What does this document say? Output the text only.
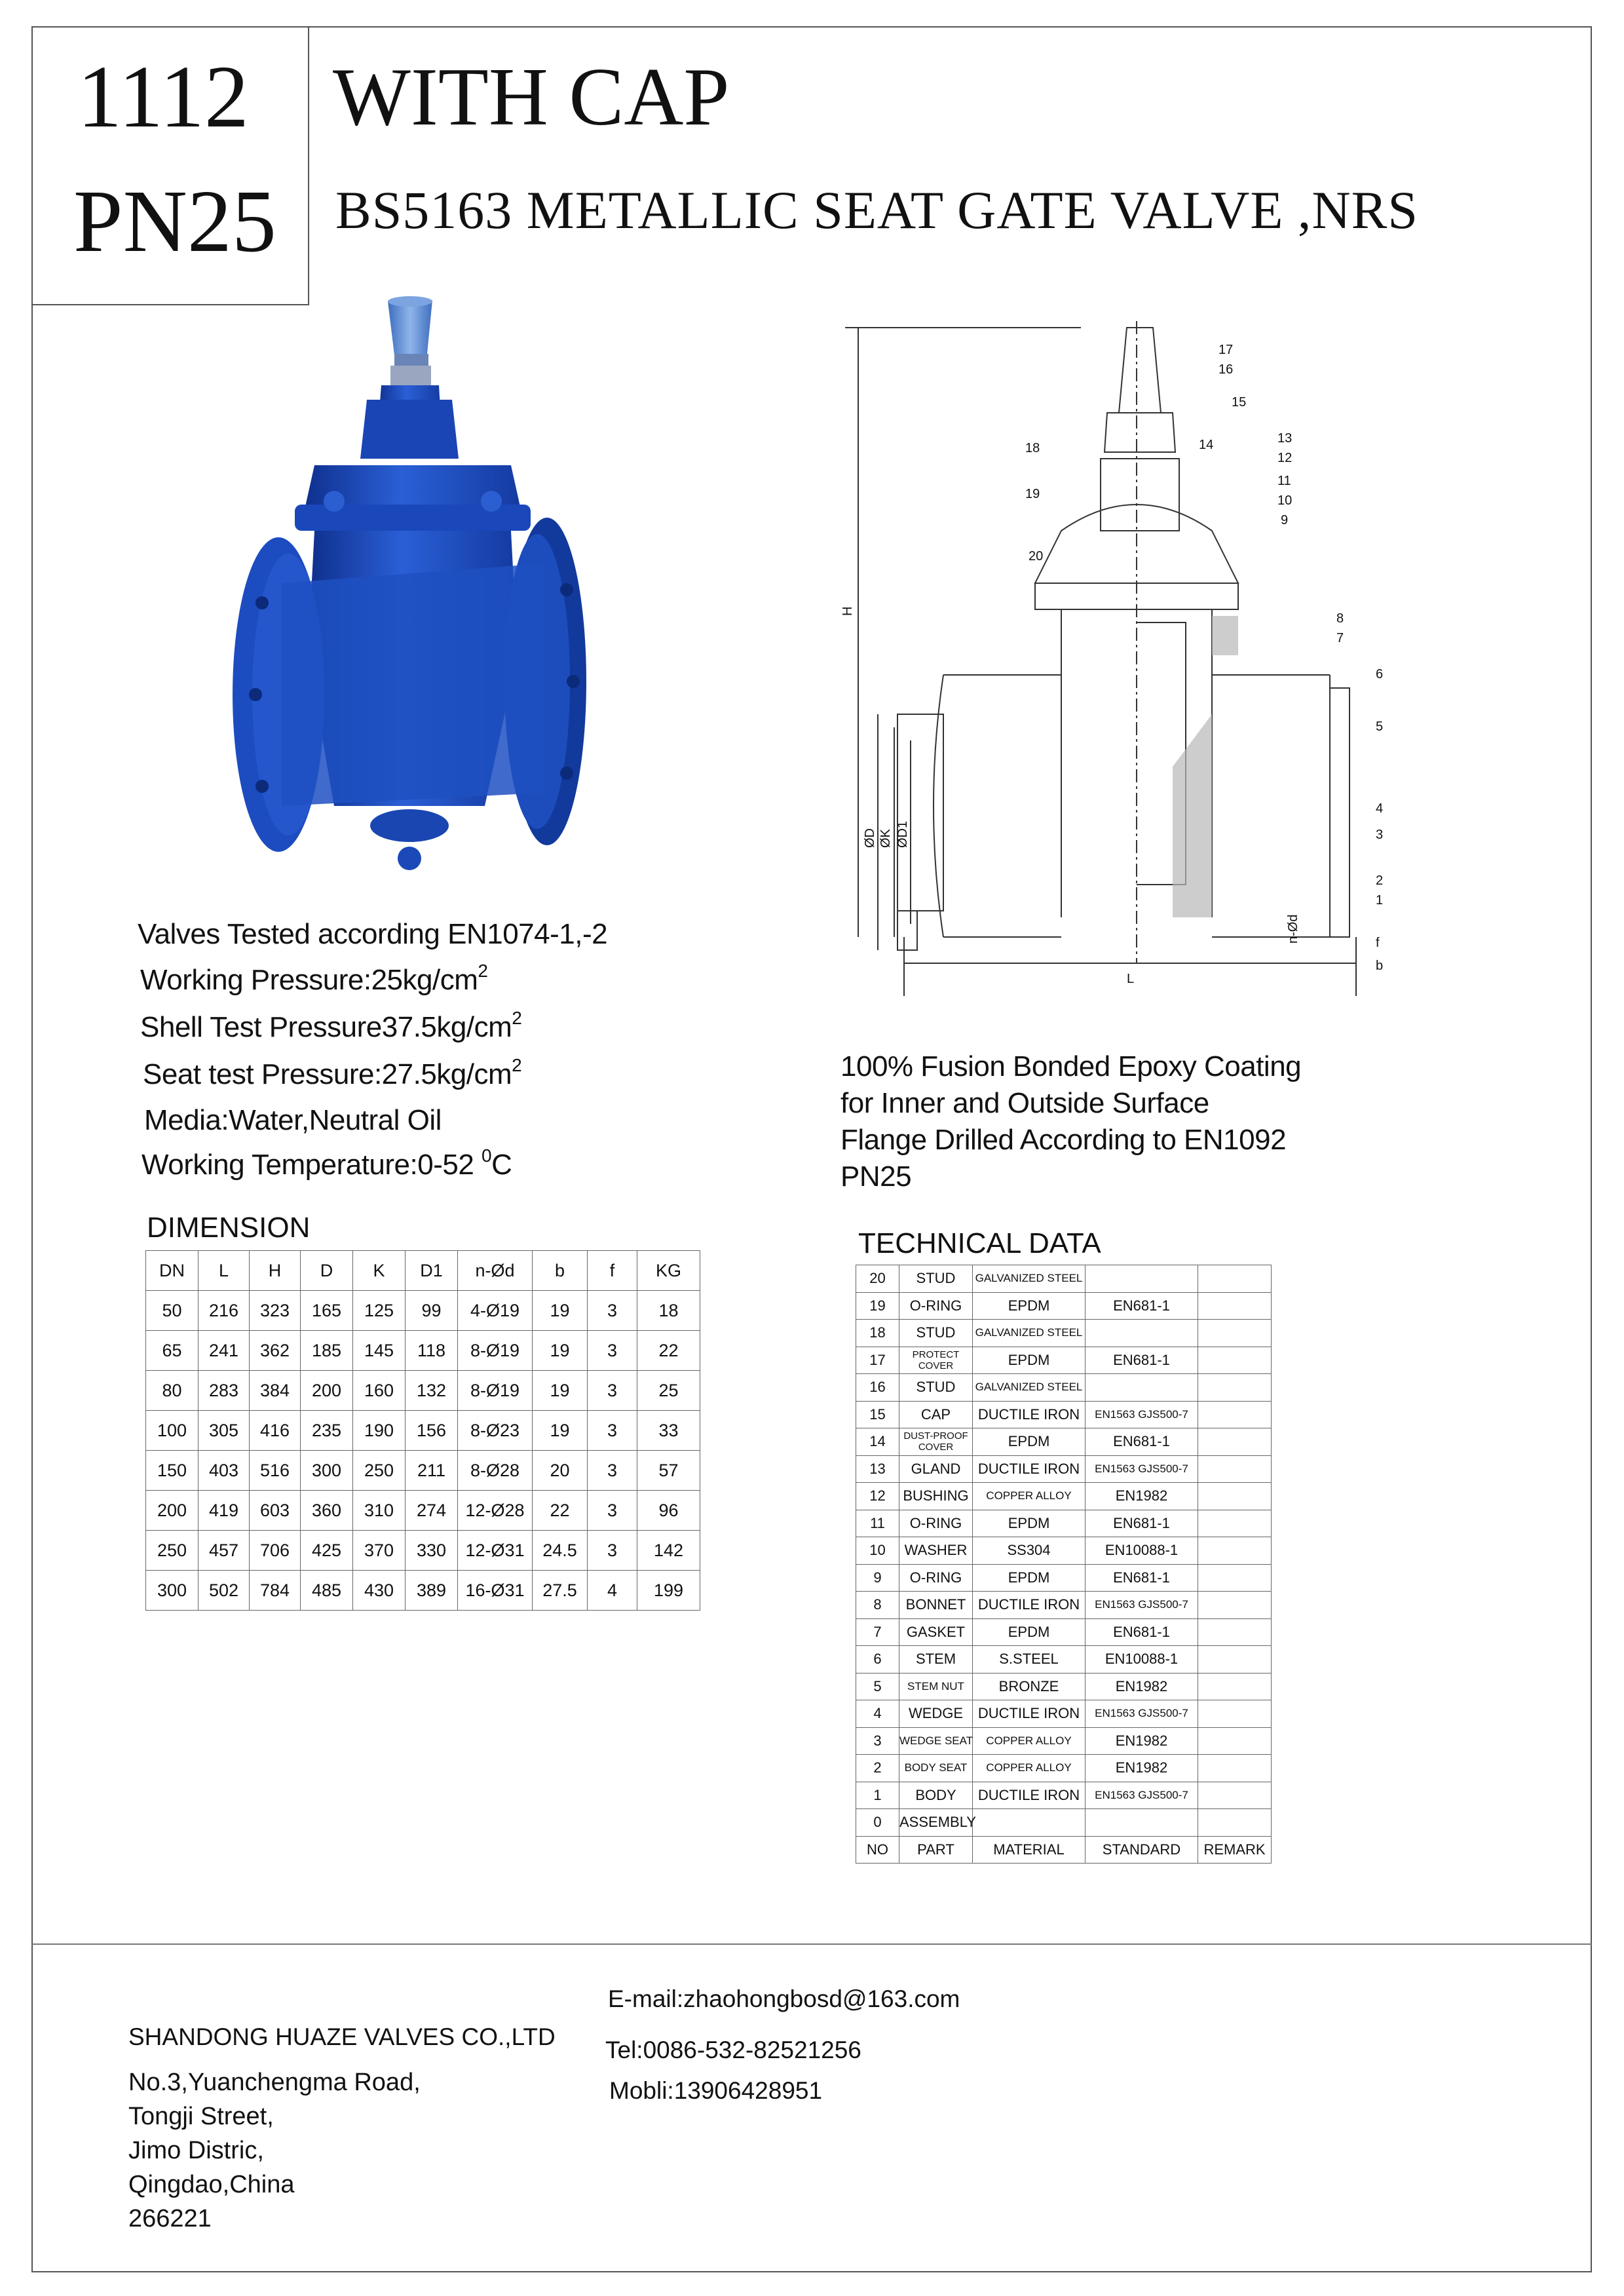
1112
PN25
WITH CAP
BS5163 METALLIC SEAT GATE VALVE ,NRS
H
L
ØD ØK ØD1
n-Ød	f
b
17
16
15
14	13
12
11
10
9
18
19
20
8
7
6
5
4
3
2
1
Valves Tested according EN1074-1,-2
Working $Pressure:25kg/cm^2$
Shell Test $Pressure37.5kg/cm^2$
Seat test $Pressure:27.5kg/cm^2$
Media:Water,Neutral Oil
Working Temperature:0-52 $^0$C
100% Fusion Bonded Epoxy Coating
for Inner and Outside Surface
Flange Drilled According to EN1092
PN25
DIMENSION
DN	L	H	D	K	D1	n-Ød	b	f	KG
50	216	323	165	125	99	4-Ø19	19	3	18
65	241	362	185	145	118	8-Ø19	19	3	22
80	283	384	200	160	132	8-Ø19	19	3	25
100	305	416	235	190	156	8-Ø23	19	3	33
150	403	516	300	250	211	8-Ø28	20	3	57
200	419	603	360	310	274	12-Ø28	22	3	96
250	457	706	425	370	330	12-Ø31	24.5	3	142
300	502	784	485	430	389	16-Ø31	27.5	4	199
TECHNICAL DATA
20	STUD	GALVANIZED STEEL		
19	O-RING	EPDM	EN681-1	
18	STUD	GALVANIZED STEEL		
17	PROTECT COVER	EPDM	EN681-1	
16	STUD	GALVANIZED STEEL		
15	CAP	DUCTILE IRON	EN1563 GJS500-7	
14	DUST-PROOF COVER	EPDM	EN681-1	
13	GLAND	DUCTILE IRON	EN1563 GJS500-7	
12	BUSHING	COPPER ALLOY	EN1982	
11	O-RING	EPDM	EN681-1	
10	WASHER	SS304	EN10088-1	
9	O-RING	EPDM	EN681-1	
8	BONNET	DUCTILE IRON	EN1563 GJS500-7	
7	GASKET	EPDM	EN681-1	
6	STEM	S.STEEL	EN10088-1	
5	STEM NUT	BRONZE	EN1982	
4	WEDGE	DUCTILE IRON	EN1563 GJS500-7	
3	WEDGE SEAT	COPPER ALLOY	EN1982	
2	BODY SEAT	COPPER ALLOY	EN1982	
1	BODY	DUCTILE IRON	EN1563 GJS500-7	
0	ASSEMBLY			
NO	PART	MATERIAL	STANDARD	REMARK
SHANDONG HUAZE VALVES CO.,LTD
No.3,Yuanchengma Road,
Tongji Street,
Jimo Distric,
Qingdao,China
266221
E-mail:zhaohongbosd@163.com
Tel:0086-532-82521256
Mobli:13906428951
